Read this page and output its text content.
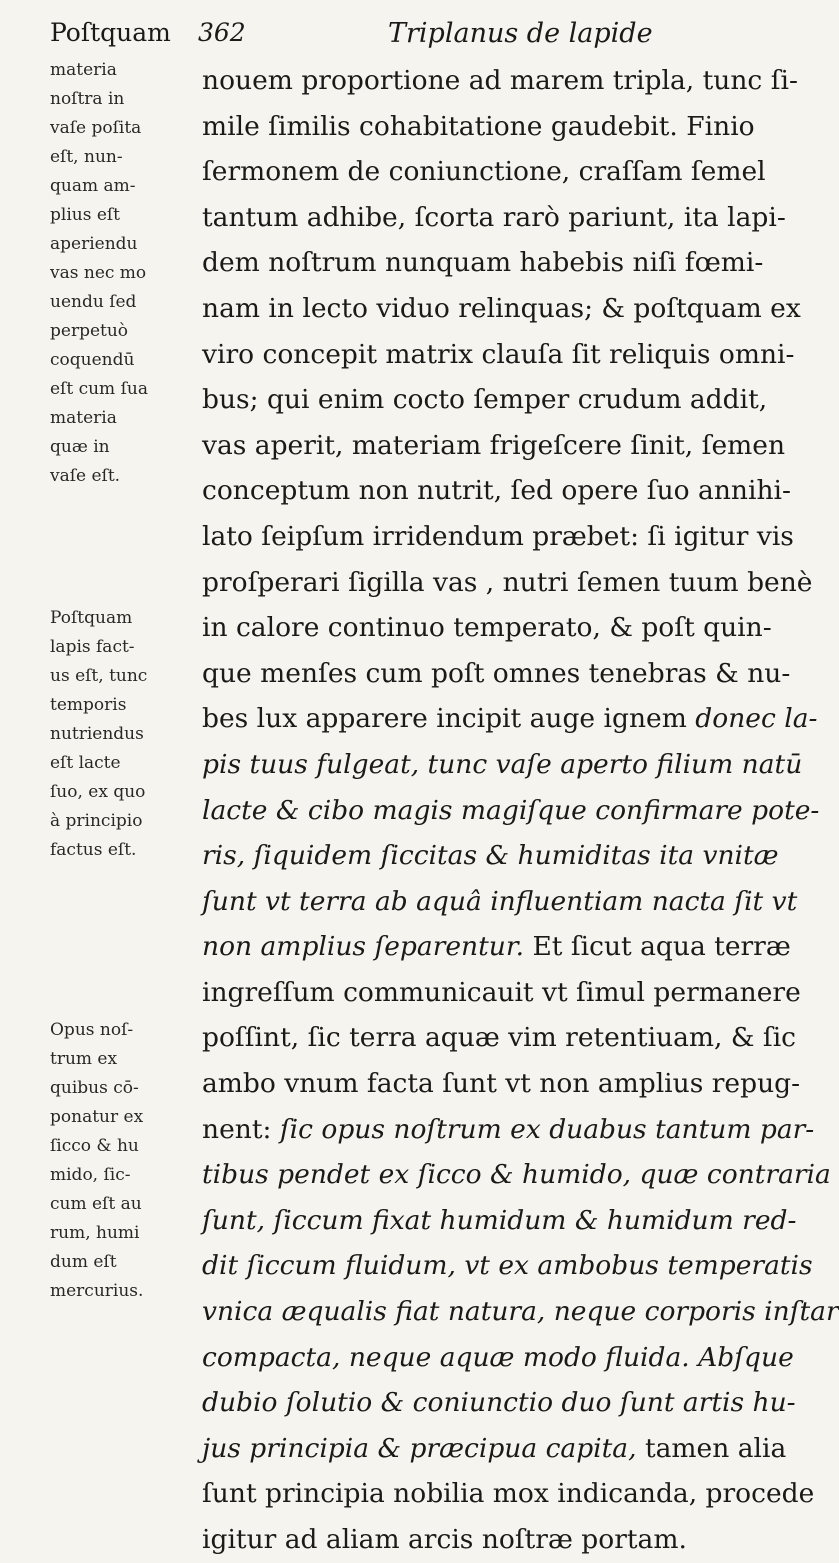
Poſtquam 362	Triplanus de lapide
materia
noſtra in
vaſe poſita
eſt, nun-
quam am-
plius eſt
aperiendu
vas nec mo
uendu ſed
perpetuò
coquendū
eſt cum ſua
materia
quæ in
vaſe eſt.
Poſtquam
lapis fact-
us eſt, tunc
temporis
nutriendus
eſt lacte
ſuo, ex quo
à principio
factus eſt.
Opus noſ-
trum ex
quibus cō-
ponatur ex
ſicco & hu
mido, ſic-
cum eſt au
rum, humi
dum eſt
mercurius.
nouem proportione ad marem tripla, tunc ſi-
mile ſimilis cohabitatione gaudebit. Finio
ſermonem de coniunctione, craſſam ſemel
tantum adhibe, ſcorta rarò pariunt, ita lapi-
dem noſtrum nunquam habebis niſi fœmi-
nam in lecto viduo relinquas; & poſtquam ex
viro concepit matrix clauſa ſit reliquis omni-
bus; qui enim cocto ſemper crudum addit,
vas aperit, materiam frigeſcere ſinit, ſemen
conceptum non nutrit, ſed opere ſuo annihi-
lato ſeipſum irridendum præbet: ſi igitur vis
proſperari ſigilla vas , nutri ſemen tuum benè
in calore continuo temperato, & poſt quin-
que menſes cum poſt omnes tenebras & nu-
bes lux apparere incipit auge ignem donec la-
pis tuus fulgeat, tunc vaſe aperto filium natū
lacte & cibo magis magiſque confirmare pote-
ris, ſiquidem ſiccitas & humiditas ita vnitæ
ſunt vt terra ab aquâ influentiam nacta ſit vt
non amplius ſeparentur. Et ſicut aqua terræ
ingreſſum communicauit vt ſimul permanere
poſſint, ſic terra aquæ vim retentiuam, & ſic
ambo vnum facta ſunt vt non amplius repug-
nent: ſic opus noſtrum ex duabus tantum par-
tibus pendet ex ſicco & humido, quæ contraria
ſunt, ſiccum fixat humidum & humidum red-
dit ſiccum fluidum, vt ex ambobus temperatis
vnica æqualis fiat natura, neque corporis inſtar
compacta, neque aquæ modo fluida. Abſque
dubio ſolutio & coniunctio duo ſunt artis hu-
jus principia & præcipua capita, tamen alia
ſunt principia nobilia mox indicanda, procede
igitur ad aliam arcis noſtræ portam.
